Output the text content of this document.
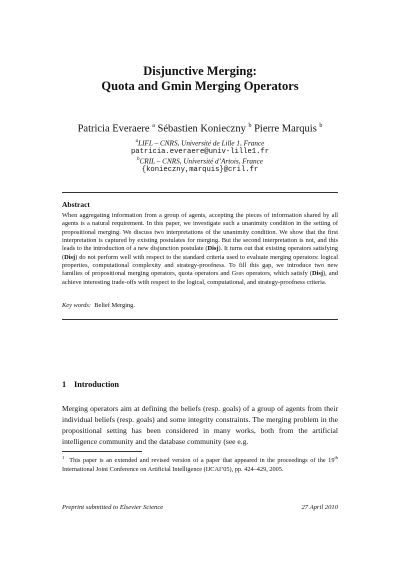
Disjunctive Merging:
Quota and Gmin Merging Operators
Patricia Everaere $^a$ Sébastien Konieczny $^b$ Pierre Marquis $^b$
$^a$LIFL – CNRS, Université de Lille 1, France
patricia.everaere@univ-lille1.fr
$^b$CRIL – CNRS, Université d’Artois, France
{konieczny,marquis}@cril.fr
Abstract

When aggregating information from a group of agents, accepting the pieces of information shared by all agents is a natural requirement. In this paper, we investigate such a unanimity condition in the setting of propositional merging. We discuss two interpretations of the unanimity condition. We show that the first interpretation is captured by existing postulates for merging. But the second interpretation is not, and this leads to the introduction of a new disjunction postulate (Disj). It turns out that existing operators satisfying (Disj) do not perform well with respect to the standard criteria used to evaluate merging operators: logical properties, computational complexity and strategy-proofness. To fill this gap, we introduce two new families of propositional merging operators, quota operators and Gmin operators, which satisfy (Disj), and achieve interesting trade-offs with respect to the logical, computational, and strategy-proofness criteria.

Key words: Belief Merging.
1 Introduction

Merging operators aim at defining the beliefs (resp. goals) of a group of agents from their individual beliefs (resp. goals) and some integrity constraints. The merging problem in the propositional setting has been considered in many works, both from the artificial intelligence community and the database community (see e.g.

$^1$ This paper is an extended and revised version of a paper that appeared in the proceedings of the 19th International Joint Conference on Artificial Intelligence (IJCAI’05), pp. 424–429, 2005.

Preprint submitted to Elsevier Science	27 April 2010
